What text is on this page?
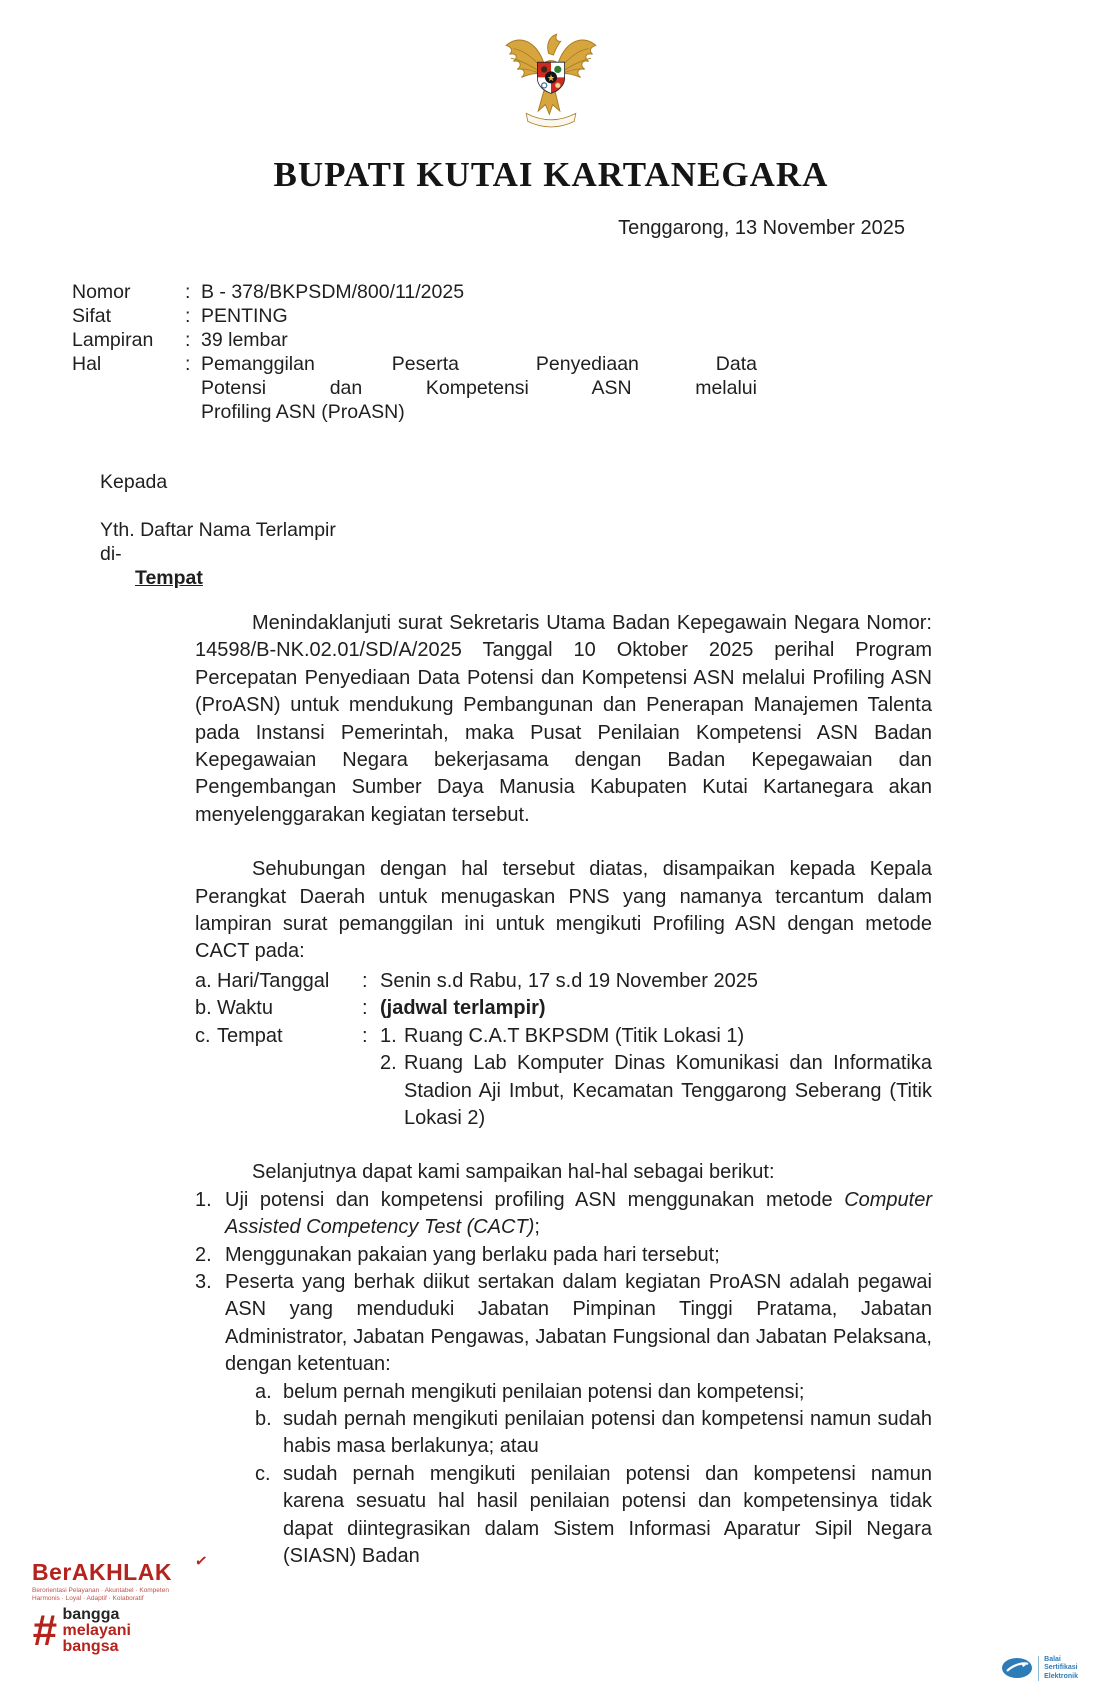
★
BUPATI KUTAI KARTANEGARA
Tenggarong, 13 November 2025
Nomor	: B - 378/BKPSDM/800/11/2025
Sifat	: PENTING
Lampiran	: 39 lembar
Hal	: Pemanggilan Peserta Penyediaan Data
Potensi dan Kompetensi ASN melalui
Profiling ASN (ProASN)
Kepada
Yth. Daftar Nama Terlampir
di-
Tempat

Menindaklanjuti surat Sekretaris Utama Badan Kepegawain Negara Nomor: 14598/B-NK.02.01/SD/A/2025 Tanggal 10 Oktober 2025 perihal Program Percepatan Penyediaan Data Potensi dan Kompetensi ASN melalui Profiling ASN (ProASN) untuk mendukung Pembangunan dan Penerapan Manajemen Talenta pada Instansi Pemerintah, maka Pusat Penilaian Kompetensi ASN Badan Kepegawaian Negara bekerjasama dengan Badan Kepegawaian dan Pengembangan Sumber Daya Manusia Kabupaten Kutai Kartanegara akan menyelenggarakan kegiatan tersebut.

Sehubungan dengan hal tersebut diatas, disampaikan kepada Kepala Perangkat Daerah untuk menugaskan PNS yang namanya tercantum dalam lampiran surat pemanggilan ini untuk mengikuti Profiling ASN dengan metode CACT pada:

a. Hari/Tanggal	: Senin s.d Rabu, 17 s.d 19 November 2025
b. Waktu	: (jadwal terlampir)
c. Tempat	: 1. Ruang C.A.T BKPSDM (Titik Lokasi 1)
2. Ruang Lab Komputer Dinas Komunikasi dan Informatika Stadion Aji Imbut, Kecamatan Tenggarong Seberang (Titik Lokasi 2)

Selanjutnya dapat kami sampaikan hal-hal sebagai berikut:

1. Uji potensi dan kompetensi profiling ASN menggunakan metode Computer Assisted Competency Test (CACT);
2. Menggunakan pakaian yang berlaku pada hari tersebut;
3. Peserta yang berhak diikut sertakan dalam kegiatan ProASN adalah pegawai ASN yang menduduki Jabatan Pimpinan Tinggi Pratama, Jabatan Administrator, Jabatan Pengawas, Jabatan Fungsional dan Jabatan Pelaksana, dengan ketentuan:
a. belum pernah mengikuti penilaian potensi dan kompetensi;
b. sudah pernah mengikuti penilaian potensi dan kompetensi namun sudah habis masa berlakunya; atau
c. sudah pernah mengikuti penilaian potensi dan kompetensi namun karena sesuatu hal hasil penilaian potensi dan kompetensinya tidak dapat diintegrasikan dalam Sistem Informasi Aparatur Sipil Negara (SIASN) Badan
BerAKHLAK ✓
Berorientasi Pelayanan · Akuntabel · Kompeten
Harmonis · Loyal · Adaptif · Kolaboratif
# bangga
melayani
bangsa
Balai
Sertifikasi
Elektronik
